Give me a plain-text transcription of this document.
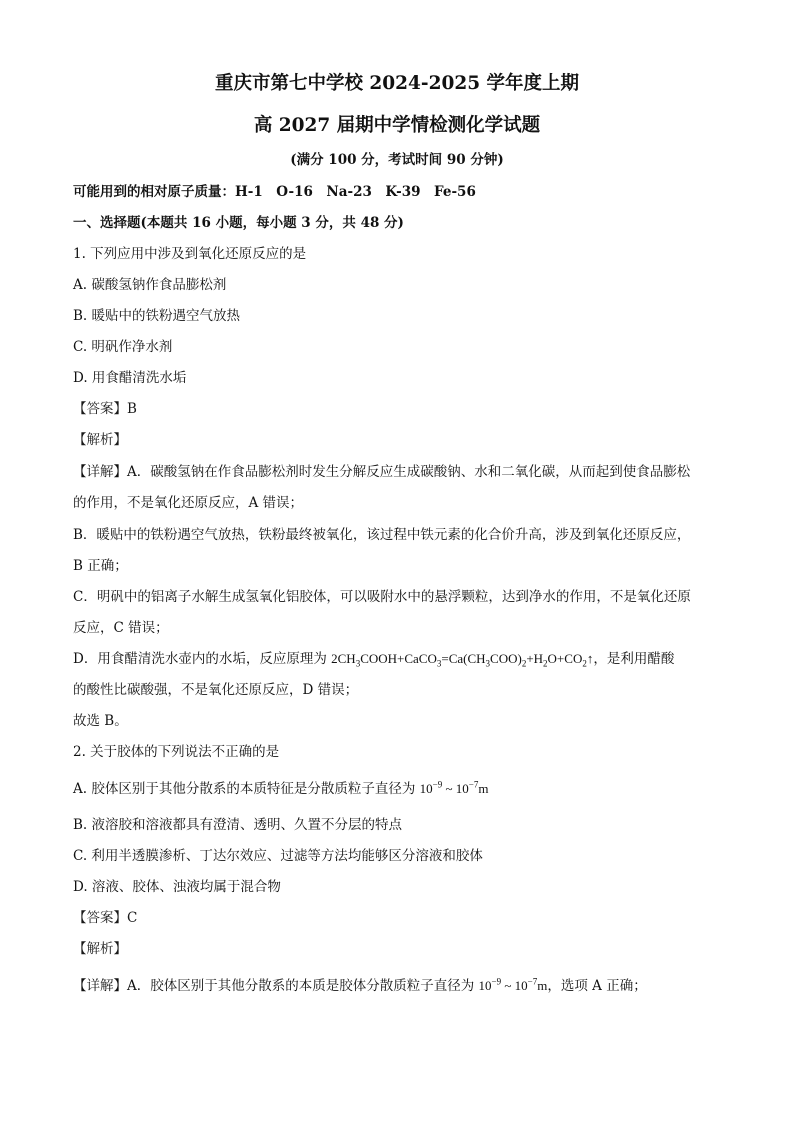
重庆市第七中学校 2024-2025 学年度上期
高 2027 届期中学情检测化学试题
(满分 100 分，考试时间 90 分钟)
可能用到的相对原子质量：H-1　O-16　Na-23　K-39　Fe-56
一、选择题(本题共 16 小题，每小题 3 分，共 48 分)
1. 下列应用中涉及到氧化还原反应的是
A. 碳酸氢钠作食品膨松剂
B. 暖贴中的铁粉遇空气放热
C. 明矾作净水剂
D. 用食醋清洗水垢
【答案】B
【解析】
【详解】A．碳酸氢钠在作食品膨松剂时发生分解反应生成碳酸钠、水和二氧化碳，从而起到使食品膨松
的作用，不是氧化还原反应，A 错误；
B．暖贴中的铁粉遇空气放热，铁粉最终被氧化，该过程中铁元素的化合价升高，涉及到氧化还原反应，
B 正确；
C．明矾中的铝离子水解生成氢氧化铝胶体，可以吸附水中的悬浮颗粒，达到净水的作用，不是氧化还原
反应，C 错误；
D．用食醋清洗水壶内的水垢，反应原理为 $2CH_3COOH+CaCO_3=Ca(CH_3COO)_2+H_2O+CO_2↑$，是利用醋酸
的酸性比碳酸强，不是氧化还原反应，D 错误；
故选 B。
2. 关于胶体的下列说法不正确的是
A. 胶体区别于其他分散系的本质特征是分散质粒子直径为 $10^{-9}$ ~ $10^{-7}m$
B. 液溶胶和溶液都具有澄清、透明、久置不分层的特点
C. 利用半透膜渗析、丁达尔效应、过滤等方法均能够区分溶液和胶体
D. 溶液、胶体、浊液均属于混合物
【答案】C
【解析】
【详解】A．胶体区别于其他分散系的本质是胶体分散质粒子直径为 $10^{-9}$ ~ $10^{-7}m$，选项 A 正确；
